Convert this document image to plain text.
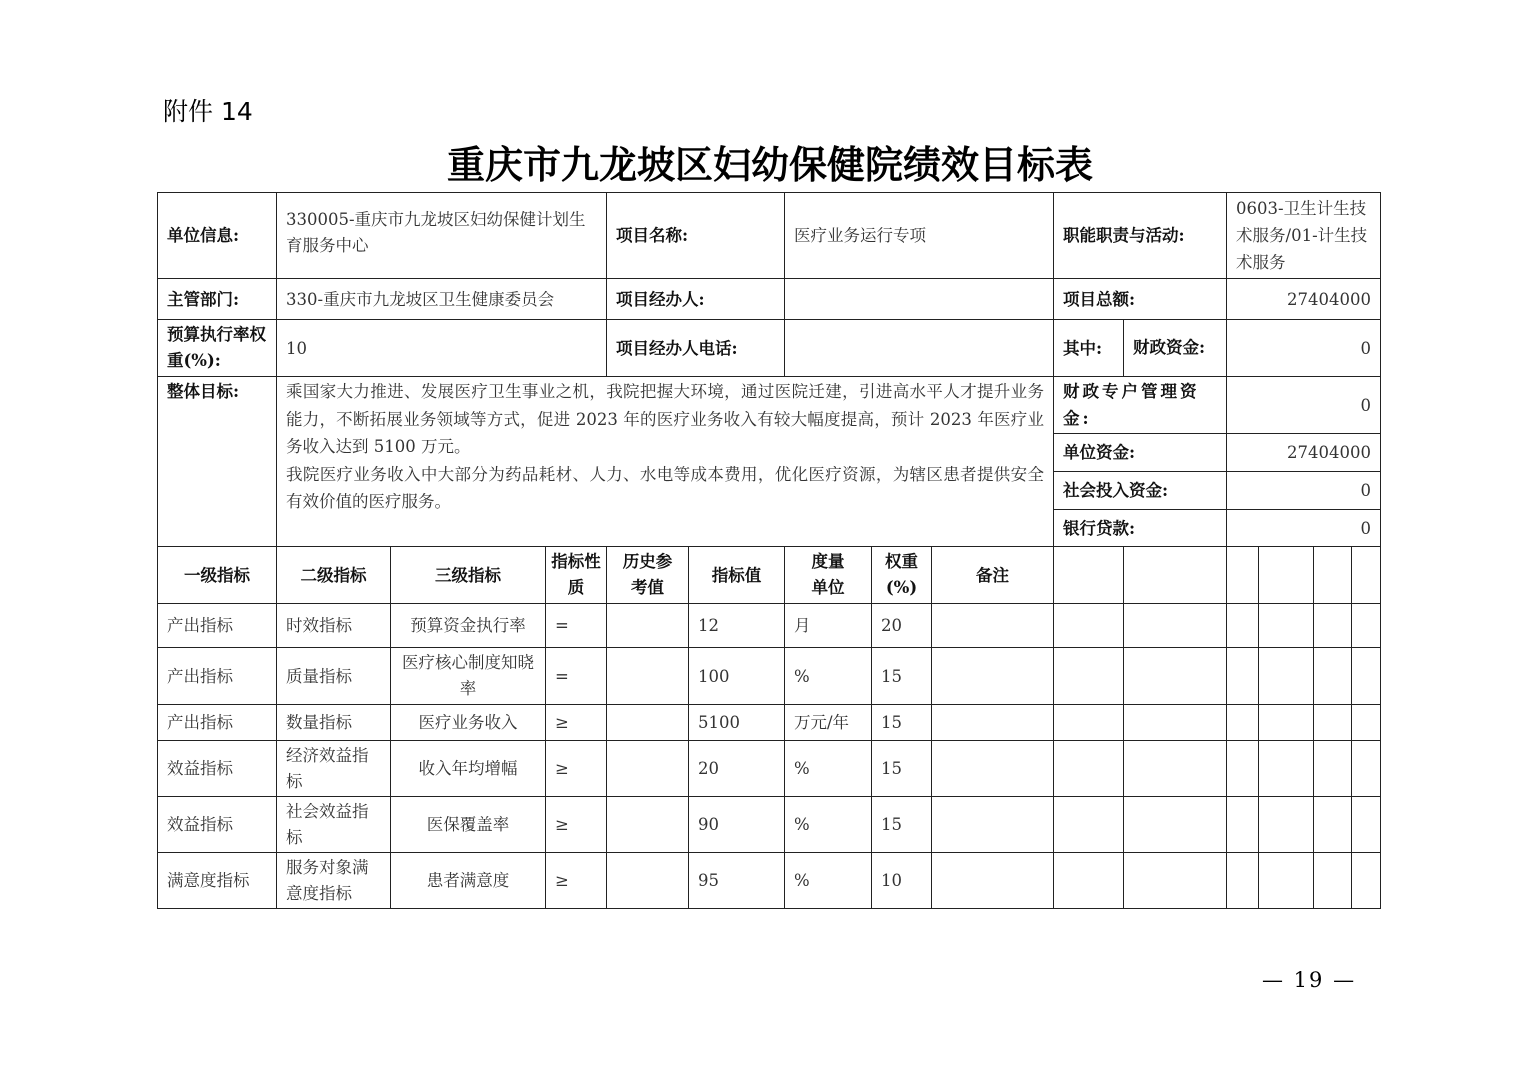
附件 14
重庆市九龙坡区妇幼保健院绩效目标表
单位信息:	330005-重庆市九龙坡区妇幼保健计划生育服务中心			项目名称:		医疗业务运行专项			职能职责与活动:		0603-卫生计生技术服务/01-计生技术服务			
主管部门:	330-重庆市九龙坡区卫生健康委员会			项目经办人:					项目总额:		27404000			
预算执行率权重(%):	10			项目经办人电话:					其中:	财政资金:	0			
整体目标:	乘国家大力推进、发展医疗卫生事业之机，我院把握大环境，通过医院迁建，引进高水平人才提升业务能力，不断拓展业务领域等方式，促进 2023 年的医疗业务收入有较大幅度提高，预计 2023 年医疗业务收入达到 5100 万元。
我院医疗业务收入中大部分为药品耗材、人力、水电等成本费用，优化医疗资源，为辖区患者提供安全有效价值的医疗服务。								财政专户管理资金:		0			
									单位资金:		27404000			
									社会投入资金:		0			
									银行贷款:		0			
一级指标	二级指标	三级指标	指标性质	历史参考值	指标值	度量单位	权重(%)	备注						
产出指标	时效指标	预算资金执行率	=		12	月	20							
产出指标	质量指标	医疗核心制度知晓率	=		100	%	15							
产出指标	数量指标	医疗业务收入	≥		5100	万元/年	15							
效益指标	经济效益指标	收入年均增幅	≥		20	%	15							
效益指标	社会效益指标	医保覆盖率	≥		90	%	15							
满意度指标	服务对象满意度指标	患者满意度	≥		95	%	10							
— 19 —
